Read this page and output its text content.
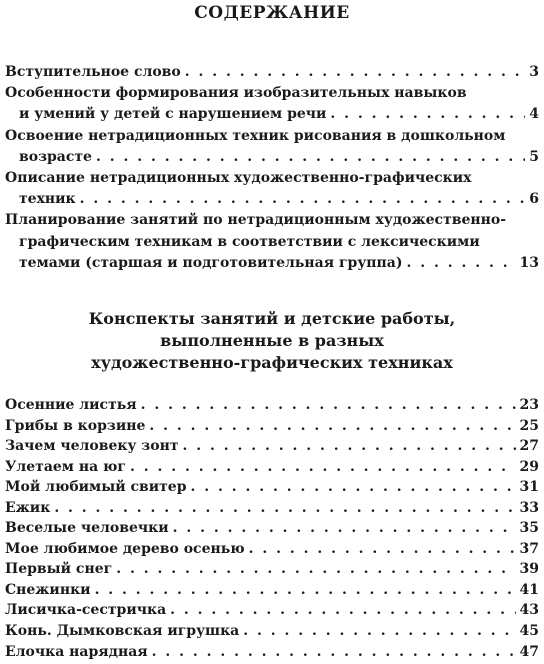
СОДЕРЖАНИЕ
Вступительное слово . . .	3
Особенности формирования изобразительных навыков
и умений у детей с нарушением речи . . .	4
Освоение нетрадиционных техник рисования в дошкольном
возрасте . . .	5
Описание нетрадиционных художественно-графических
техник . . .	6
Планирование занятий по нетрадиционным художественно-
графическим техникам в соответствии с лексическими
темами (старшая и подготовительная группа) . . .	13
Конспекты занятий и детские работы,
выполненные в разных
художественно-графических техниках
Осенние листья . . .	23
Грибы в корзине . . .	25
Зачем человеку зонт . . .	27
Улетаем на юг . . .	29
Мой любимый свитер . . .	31
Ежик . . .	33
Веселые человечки . . .	35
Мое любимое дерево осенью . . .	37
Первый снег . . .	39
Снежинки . . .	41
Лисичка-сестричка . . .	43
Конь. Дымковская игрушка . . .	45
Елочка нарядная . . .	47
